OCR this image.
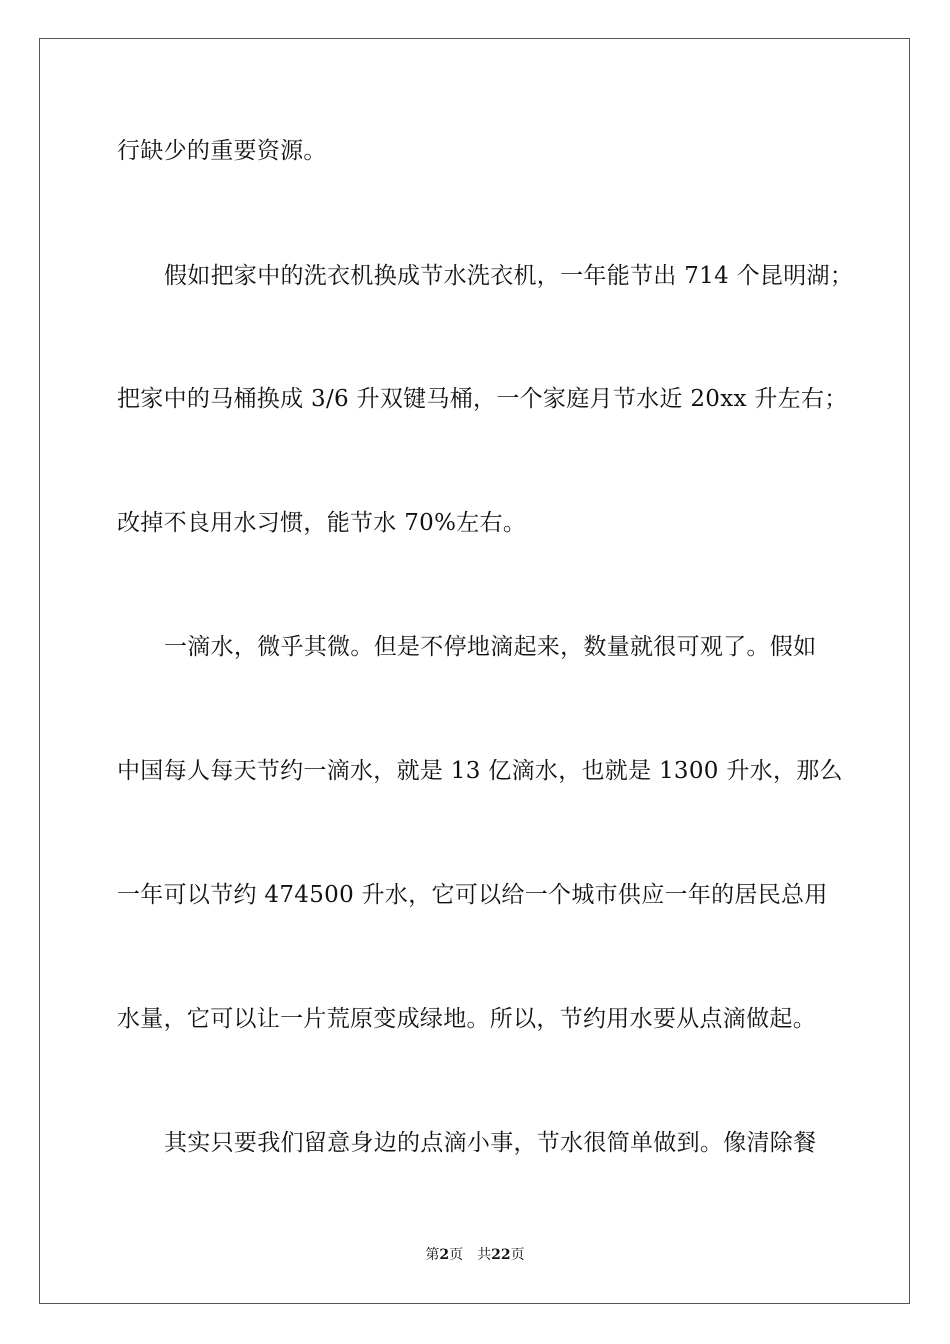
行缺少的重要资源。
假如把家中的洗衣机换成节水洗衣机，一年能节出 714 个昆明湖；
把家中的马桶换成 3/6 升双键马桶，一个家庭月节水近 20xx 升左右；
改掉不良用水习惯，能节水 70%左右。
一滴水，微乎其微。但是不停地滴起来，数量就很可观了。假如
中国每人每天节约一滴水，就是 13 亿滴水，也就是 1300 升水，那么
一年可以节约 474500 升水，它可以给一个城市供应一年的居民总用
水量，它可以让一片荒原变成绿地。所以，节约用水要从点滴做起。
其实只要我们留意身边的点滴小事，节水很简单做到。像清除餐
第2页 共22页
